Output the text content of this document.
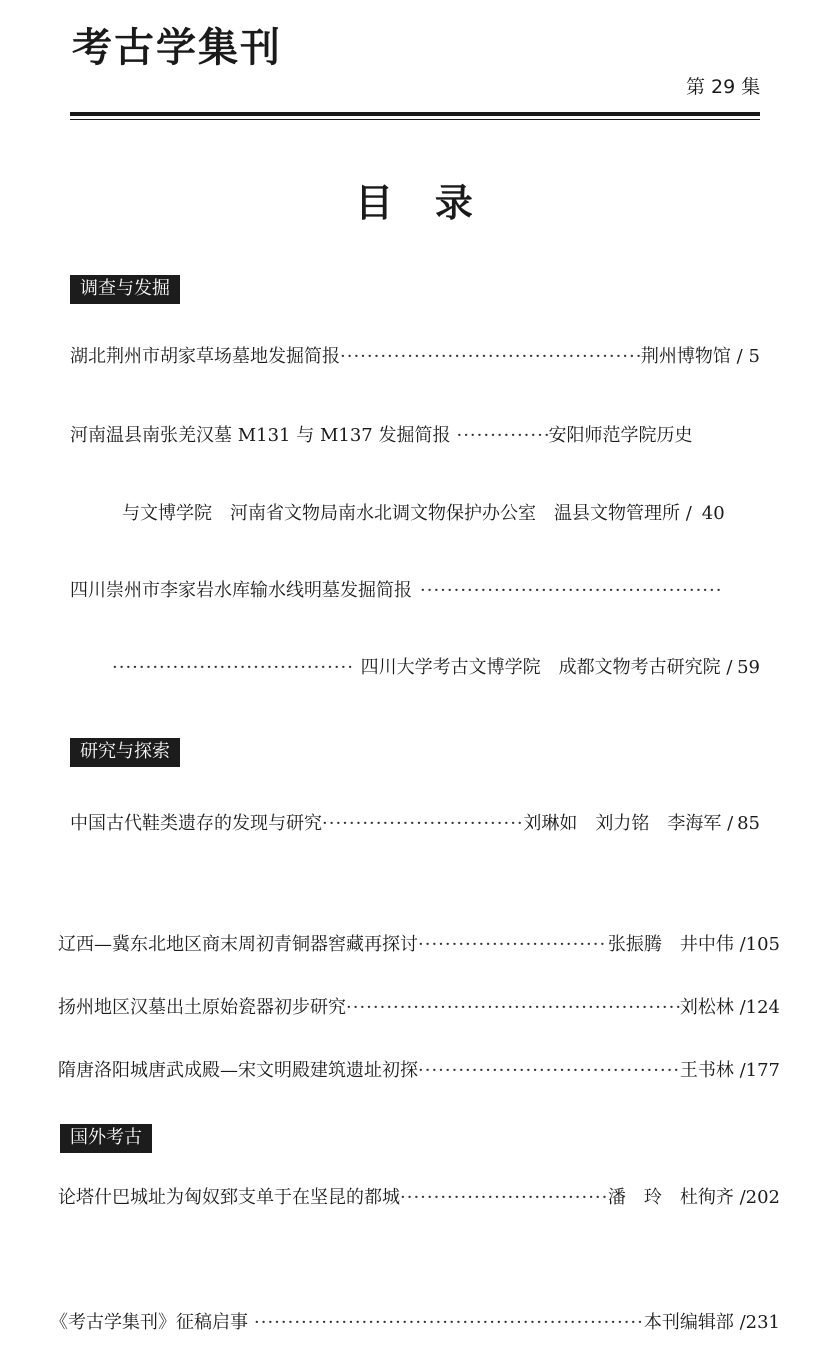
考古学集刊
第 29 集
目录
调查与发掘
湖北荆州市胡家草场墓地发掘简报 ·····	荆州博物馆 / 5
河南温县南张羌汉墓 M131 与 M137 发掘简报 ·····	安阳师范学院历史
与文博学院　河南省文物局南水北调文物保护办公室　温县文物管理所 / 40
四川崇州市李家岩水库输水线明墓发掘简报
·····
·····
四川大学考古文博学院　成都文物考古研究院 / 59
研究与探索
中国古代鞋类遗存的发现与研究 ·····	刘琳如　刘力铭　李海军 / 85
辽西—冀东北地区商末周初青铜器窖藏再探讨 ·····	张振腾　井中伟 / 105
扬州地区汉墓出土原始瓷器初步研究 ·····	刘松林 / 124
隋唐洛阳城唐武成殿—宋文明殿建筑遗址初探 ·····	王书林 / 177
国外考古
论塔什巴城址为匈奴郅支单于在坚昆的都城 ·····	潘　玲　杜徇齐 / 202
《考古学集刊》征稿启事 ·····	本刊编辑部 / 231
